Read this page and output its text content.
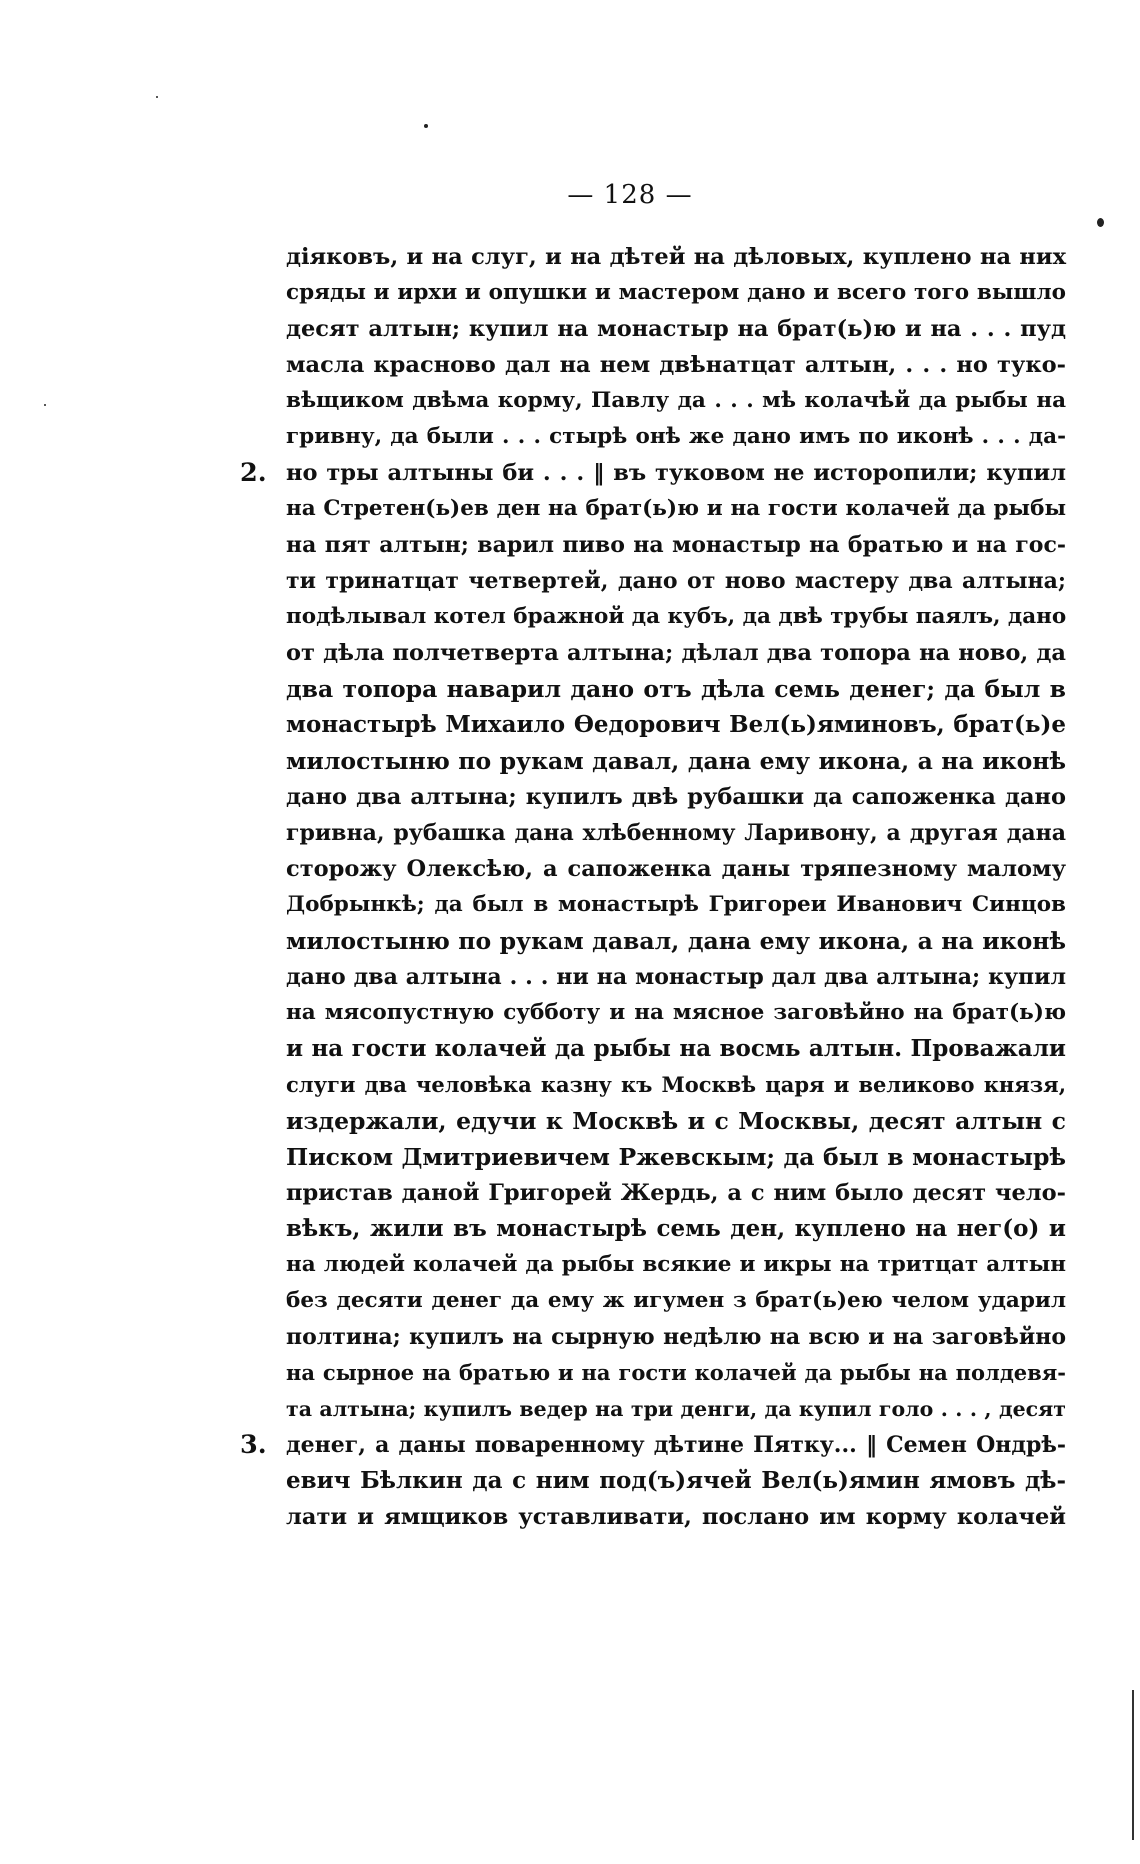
— 128 —
діяковъ, и на слуг, и на дѣтей на дѣловых, куплено на них
сряды и ирхи и опушки и мастером дано и всего того вышло
десят алтын; купил на монастыр на брат(ь)ю и на . . . пуд
масла красново дал на нем двѣнатцат алтын, . . . но туко-
вѣщиком двѣма корму, Павлу да . . . мѣ колачѣй да рыбы на
гривну, да были . . . стырѣ онѣ же дано имъ по иконѣ . . . да-
2. но тры алтыны би . . . ‖ въ туковом не исторопили; купил
на Стретен(ь)ев ден на брат(ь)ю и на гости колачей да рыбы
на пят алтын; варил пиво на монастыр на братью и на гос-
ти тринатцат четвертей, дано от ново мастеру два алтына;
подѣлывал котел бражной да кубъ, да двѣ трубы паялъ, дано
от дѣла полчетверта алтына; дѣлал два топора на ново, да
два топора наварил дано отъ дѣла семь денег; да был в
монастырѣ Михаило Өедорович Вел(ь)яминовъ, брат(ь)е
милостыню по рукам давал, дана ему икона, а на иконѣ
дано два алтына; купилъ двѣ рубашки да сапоженка дано
гривна, рубашка дана хлѣбенному Ларивону, а другая дана
сторожу Олексѣю, а сапоженка даны тряпезному малому
Добрынкѣ; да был в монастырѣ Григореи Иванович Синцов
милостыню по рукам давал, дана ему икона, а на иконѣ
дано два алтына . . . ни на монастыр дал два алтына; купил
на мясопустную субботу и на мясное заговѣйно на брат(ь)ю
и на гости колачей да рыбы на восмь алтын. Проважали
слуги два человѣка казну къ Москвѣ царя и великово князя,
издержали, едучи к Москвѣ и с Москвы, десят алтын с
Писком Дмитриевичем Ржевскым; да был в монастырѣ
пристав даной Григорей Жердь, а с ним было десят чело-
вѣкъ, жили въ монастырѣ семь ден, куплено на нег(о) и
на людей колачей да рыбы всякие и икры на тритцат алтын
без десяти денег да ему ж игумен з брат(ь)ею челом ударил
полтина; купилъ на сырную недѣлю на всю и на заговѣйно
на сырное на братью и на гости колачей да рыбы на полдевя-
та алтына; купилъ ведер на три денги, да купил голо . . . , десят
3. денег, а даны поваренному дѣтине Пятку... ‖ Семен Ондрѣ-
евич Бѣлкин да с ним под(ъ)ячей Вел(ь)ямин ямовъ дѣ-
лати и ямщиков уставливати, послано им корму колачей
